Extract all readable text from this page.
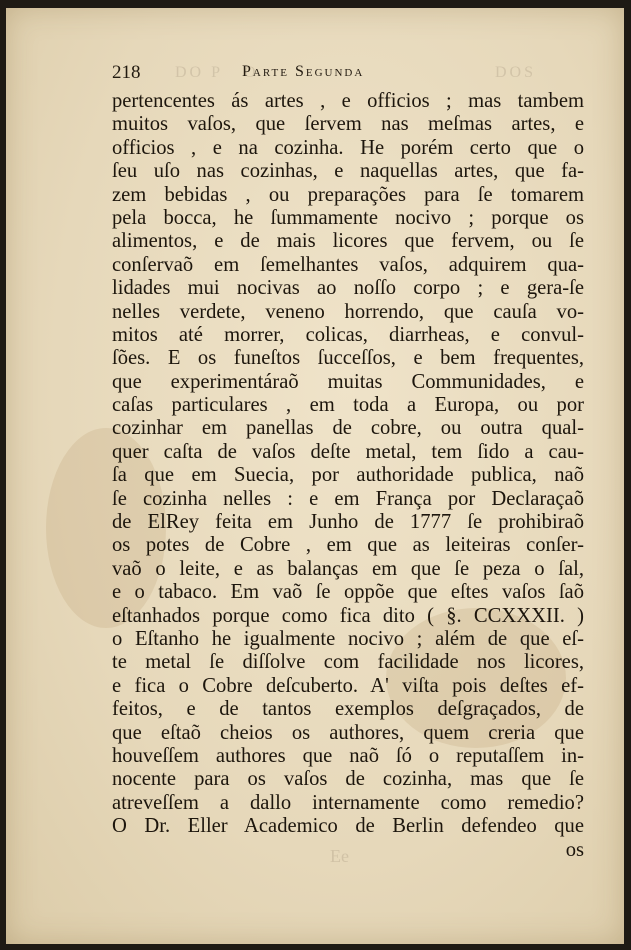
DO P   O	DOS
218	Parte Segunda
pertencentes ás artes , e officios ; mas tambem
muitos vaſos, que ſervem nas meſmas artes, e
officios , e na cozinha. He porém certo que o
ſeu uſo nas cozinhas, e naquellas artes, que fa-
zem bebidas , ou preparações para ſe tomarem
pela bocca, he ſummamente nocivo ; porque os
alimentos, e de mais licores que fervem, ou ſe
conſervaõ em ſemelhantes vaſos, adquirem qua-
lidades mui nocivas ao noſſo corpo ; e gera-ſe
nelles verdete, veneno horrendo, que cauſa vo-
mitos até morrer, colicas, diarrheas, e convul-
ſões. E os funeſtos ſucceſſos, e bem frequentes,
que experimentáraõ muitas Communidades, e
caſas particulares , em toda a Europa, ou por
cozinhar em panellas de cobre, ou outra qual-
quer caſta de vaſos deſte metal, tem ſido a cau-
ſa que em Suecia, por authoridade publica, naõ
ſe cozinha nelles : e em França por Declaraçaõ
de ElRey feita em Junho de 1777 ſe prohibiraõ
os potes de Cobre , em que as leiteiras conſer-
vaõ o leite, e as balanças em que ſe peza o ſal,
e o tabaco. Em vaõ ſe oppõe que eſtes vaſos ſaõ
eſtanhados porque como fica dito ( §. CCXXXII. )
o Eſtanho he igualmente nocivo ; além de que eſ-
te metal ſe diſſolve com facilidade nos licores,
e fica o Cobre deſcuberto. A' viſta pois deſtes ef-
feitos, e de tantos exemplos deſgraçados, de
que eſtaõ cheios os authores, quem creria que
houveſſem authores que naõ ſó o reputaſſem in-
nocente para os vaſos de cozinha, mas que ſe
atreveſſem a dallo internamente como remedio?
O Dr. Eller Academico de Berlin defendeo que
os
Ee
